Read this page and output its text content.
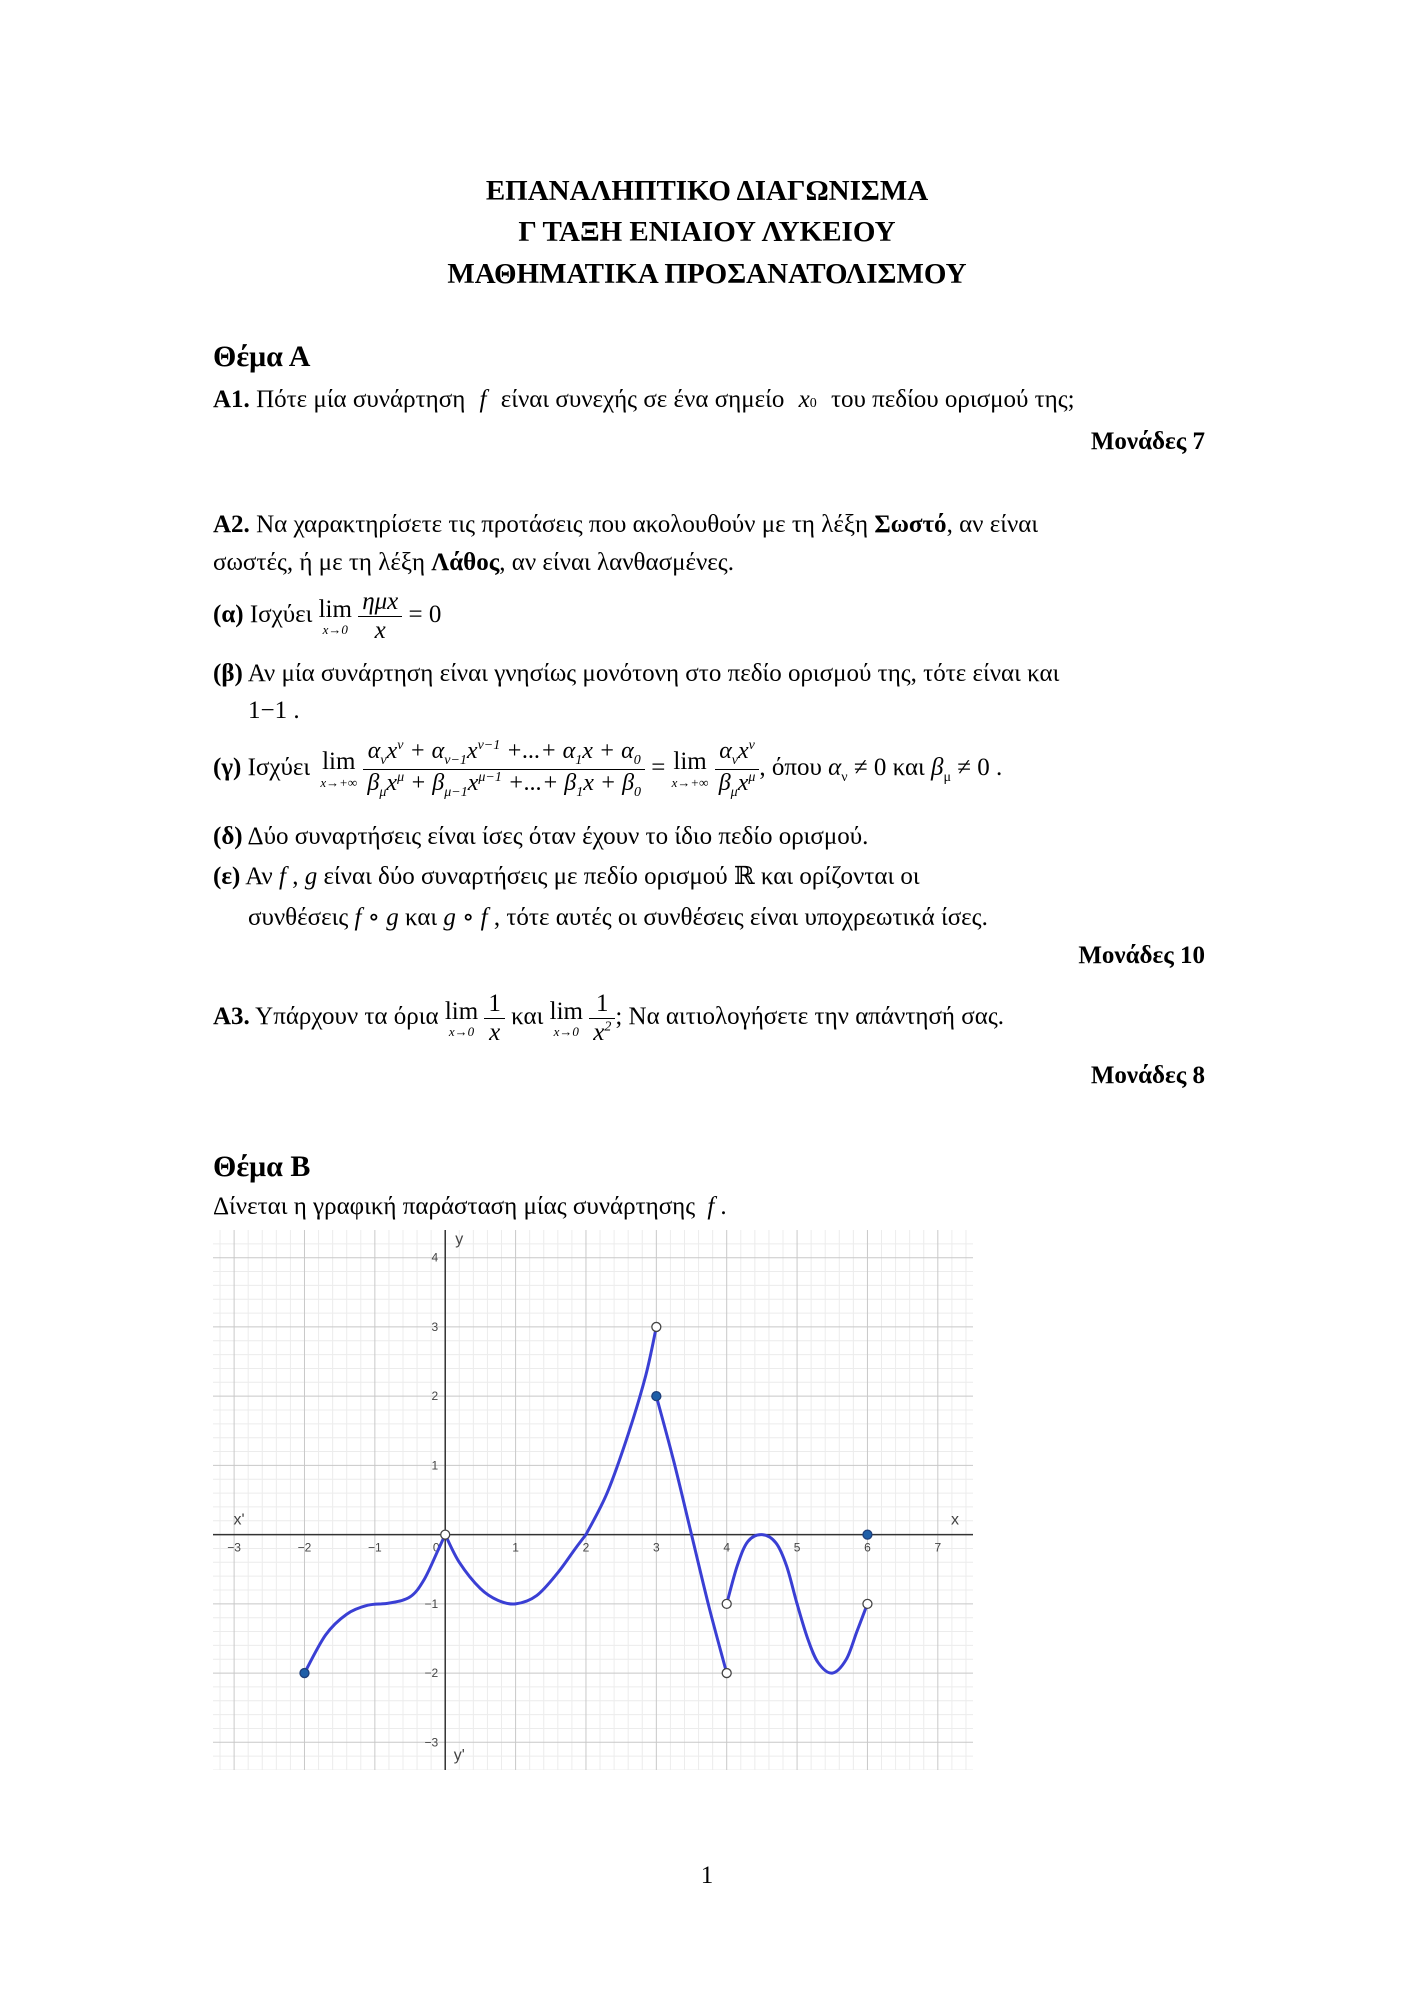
ΕΠΑΝΑΛΗΠΤΙΚΟ ΔΙΑΓΩΝΙΣΜΑ
Γ ΤΑΞΗ ΕΝΙΑΙΟΥ ΛΥΚΕΙΟΥ
ΜΑΘΗΜΑΤΙΚΑ ΠΡΟΣΑΝΑΤΟΛΙΣΜΟΥ
Θέμα Α
Α1. Πότε μία συνάρτηση f είναι συνεχής σε ένα σημείο x0 του πεδίου ορισμού της;
Μονάδες 7
Α2. Να χαρακτηρίσετε τις προτάσεις που ακολουθούν με τη λέξη Σωστό, αν είναι
σωστές, ή με τη λέξη Λάθος, αν είναι λανθασμένες.
(α) Ισχύει lim
x→0
$\frac{\text{ημx}}{x} = 0$
(β) Αν μία συνάρτηση είναι γνησίως μονότονη στο πεδίο ορισμού της, τότε είναι και
1−1 .
(γ) Ισχύει lim
x→+∞
$\frac{\alpha_\nu x^\nu + \alpha_{\nu-1}x^{\nu-1} +...+ \alpha_1x + \alpha_0}{\beta_\mu x^\mu + \beta_{\mu-1}x^{\mu-1} +...+ \beta_1x + \beta_0} = \lim$
x→+∞
$\frac{\alpha_\nu x^\nu}{\beta_\mu x^\mu}$ , όπου $\alpha_\nu \ne 0$ και $\beta_\mu \ne 0$ .
(δ) Δύο συναρτήσεις είναι ίσες όταν έχουν το ίδιο πεδίο ορισμού.
(ε) Αν f , g είναι δύο συναρτήσεις με πεδίο ορισμού ℝ και ορίζονται οι
συνθέσεις f ∘ g και g ∘ f , τότε αυτές οι συνθέσεις είναι υποχρεωτικά ίσες.
Μονάδες 10
Α3. Υπάρχουν τα όρια lim
x→0
$\frac{1}{x}$ και lim
x→0
$\frac{1}{x^2}$ ; Να αιτιολογήσετε την απάντησή σας.
Μονάδες 8
Θέμα Β
Δίνεται η γραφική παράσταση μίας συνάρτησης f .
x
x'
y
y'
−3	−2	−1	0	1	2	3	4	5	6	7
−3
−2
−1
1
2
3
4
1
